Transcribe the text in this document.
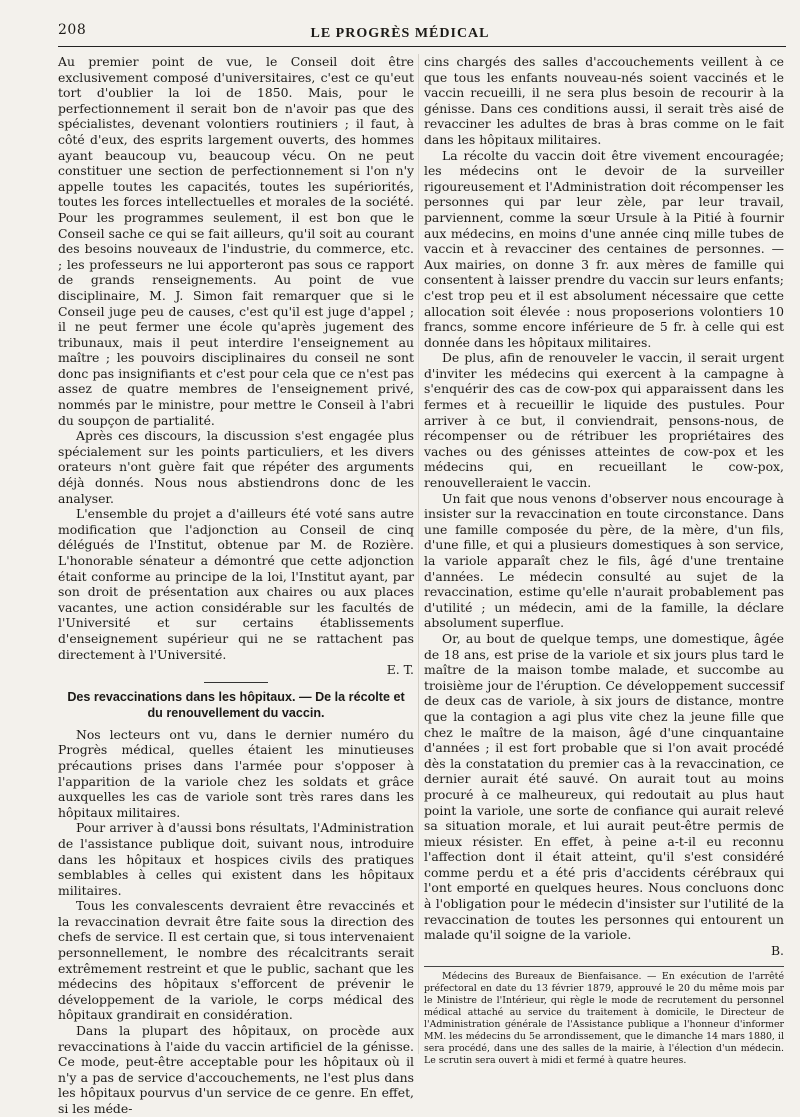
208	LE PROGRÈS MÉDICAL

Au premier point de vue, le Conseil doit être exclusivement composé d'universitaires, c'est ce qu'eut tort d'oublier la loi de 1850. Mais, pour le perfectionnement il serait bon de n'avoir pas que des spécialistes, devenant volontiers routiniers ; il faut, à côté d'eux, des esprits largement ouverts, des hommes ayant beaucoup vu, beaucoup vécu. On ne peut constituer une section de perfectionnement si l'on n'y appelle toutes les capacités, toutes les supériorités, toutes les forces intellectuelles et morales de la société. Pour les programmes seulement, il est bon que le Conseil sache ce qui se fait ailleurs, qu'il soit au courant des besoins nouveaux de l'industrie, du commerce, etc. ; les professeurs ne lui apporteront pas sous ce rapport de grands renseignements. Au point de vue disciplinaire, M. J. Simon fait remarquer que si le Conseil juge peu de causes, c'est qu'il est juge d'appel ; il ne peut fermer une école qu'après jugement des tribunaux, mais il peut interdire l'enseignement au maître ; les pouvoirs disciplinaires du conseil ne sont donc pas insignifiants et c'est pour cela que ce n'est pas assez de quatre membres de l'enseignement privé, nommés par le ministre, pour mettre le Conseil à l'abri du soupçon de partialité.

Après ces discours, la discussion s'est engagée plus spécialement sur les points particuliers, et les divers orateurs n'ont guère fait que répéter des arguments déjà donnés. Nous nous abstiendrons donc de les analyser.

L'ensemble du projet a d'ailleurs été voté sans autre modification que l'adjonction au Conseil de cinq délégués de l'Institut, obtenue par M. de Rozière. L'honorable sénateur a démontré que cette adjonction était conforme au principe de la loi, l'Institut ayant, par son droit de présentation aux chaires ou aux places vacantes, une action considérable sur les facultés de l'Université et sur certains établissements d'enseignement supérieur qui ne se rattachent pas directement à l'Université.

E. T.
Des revaccinations dans les hôpitaux. — De la récolte et du renouvellement du vaccin.

Nos lecteurs ont vu, dans le dernier numéro du Progrès médical, quelles étaient les minutieuses précautions prises dans l'armée pour s'opposer à l'apparition de la variole chez les soldats et grâce auxquelles les cas de variole sont très rares dans les hôpitaux militaires.

Pour arriver à d'aussi bons résultats, l'Administration de l'assistance publique doit, suivant nous, introduire dans les hôpitaux et hospices civils des pratiques semblables à celles qui existent dans les hôpitaux militaires.

Tous les convalescents devraient être revaccinés et la revaccination devrait être faite sous la direction des chefs de service. Il est certain que, si tous intervenaient personnellement, le nombre des récalcitrants serait extrêmement restreint et que le public, sachant que les médecins des hôpitaux s'efforcent de prévenir le développement de la variole, le corps médical des hôpitaux grandirait en considération.

Dans la plupart des hôpitaux, on procède aux revaccinations à l'aide du vaccin artificiel de la génisse. Ce mode, peut-être acceptable pour les hôpitaux où il n'y a pas de service d'accouchements, ne l'est plus dans les hôpitaux pourvus d'un service de ce genre. En effet, si les méde-

cins chargés des salles d'accouchements veillent à ce que tous les enfants nouveau-nés soient vaccinés et le vaccin recueilli, il ne sera plus besoin de recourir à la génisse. Dans ces conditions aussi, il serait très aisé de revacciner les adultes de bras à bras comme on le fait dans les hôpitaux militaires.

La récolte du vaccin doit être vivement encouragée; les médecins ont le devoir de la surveiller rigoureusement et l'Administration doit récompenser les personnes qui par leur zèle, par leur travail, parviennent, comme la sœur Ursule à la Pitié à fournir aux médecins, en moins d'une année cinq mille tubes de vaccin et à revacciner des centaines de personnes. — Aux mairies, on donne 3 fr. aux mères de famille qui consentent à laisser prendre du vaccin sur leurs enfants; c'est trop peu et il est absolument nécessaire que cette allocation soit élevée : nous proposerions volontiers 10 francs, somme encore inférieure de 5 fr. à celle qui est donnée dans les hôpitaux militaires.

De plus, afin de renouveler le vaccin, il serait urgent d'inviter les médecins qui exercent à la campagne à s'enquérir des cas de cow-pox qui apparaissent dans les fermes et à recueillir le liquide des pustules. Pour arriver à ce but, il conviendrait, pensons-nous, de récompenser ou de rétribuer les propriétaires des vaches ou des génisses atteintes de cow-pox et les médecins qui, en recueillant le cow-pox, renouvelleraient le vaccin.

Un fait que nous venons d'observer nous encourage à insister sur la revaccination en toute circonstance. Dans une famille composée du père, de la mère, d'un fils, d'une fille, et qui a plusieurs domestiques à son service, la variole apparaît chez le fils, âgé d'une trentaine d'années. Le médecin consulté au sujet de la revaccination, estime qu'elle n'aurait probablement pas d'utilité ; un médecin, ami de la famille, la déclare absolument superflue.

Or, au bout de quelque temps, une domestique, âgée de 18 ans, est prise de la variole et six jours plus tard le maître de la maison tombe malade, et succombe au troisième jour de l'éruption. Ce développement successif de deux cas de variole, à six jours de distance, montre que la contagion a agi plus vite chez la jeune fille que chez le maître de la maison, âgé d'une cinquantaine d'années ; il est fort probable que si l'on avait procédé dès la constatation du premier cas à la revaccination, ce dernier aurait été sauvé. On aurait tout au moins procuré à ce malheureux, qui redoutait au plus haut point la variole, une sorte de confiance qui aurait relevé sa situation morale, et lui aurait peut-être permis de mieux résister. En effet, à peine a-t-il eu reconnu l'affection dont il était atteint, qu'il s'est considéré comme perdu et a été pris d'accidents cérébraux qui l'ont emporté en quelques heures. Nous concluons donc à l'obligation pour le médecin d'insister sur l'utilité de la revaccination de toutes les personnes qui entourent un malade qu'il soigne de la variole.

B.

Médecins des Bureaux de Bienfaisance. — En exécution de l'arrêté préfectoral en date du 13 février 1879, approuvé le 20 du même mois par le Ministre de l'Intérieur, qui règle le mode de recrutement du personnel médical attaché au service du traitement à domicile, le Directeur de l'Administration générale de l'Assistance publique a l'honneur d'informer MM. les médecins du 5e arrondissement, que le dimanche 14 mars 1880, il sera procédé, dans une des salles de la mairie, à l'élection d'un médecin. Le scrutin sera ouvert à midi et fermé à quatre heures.
